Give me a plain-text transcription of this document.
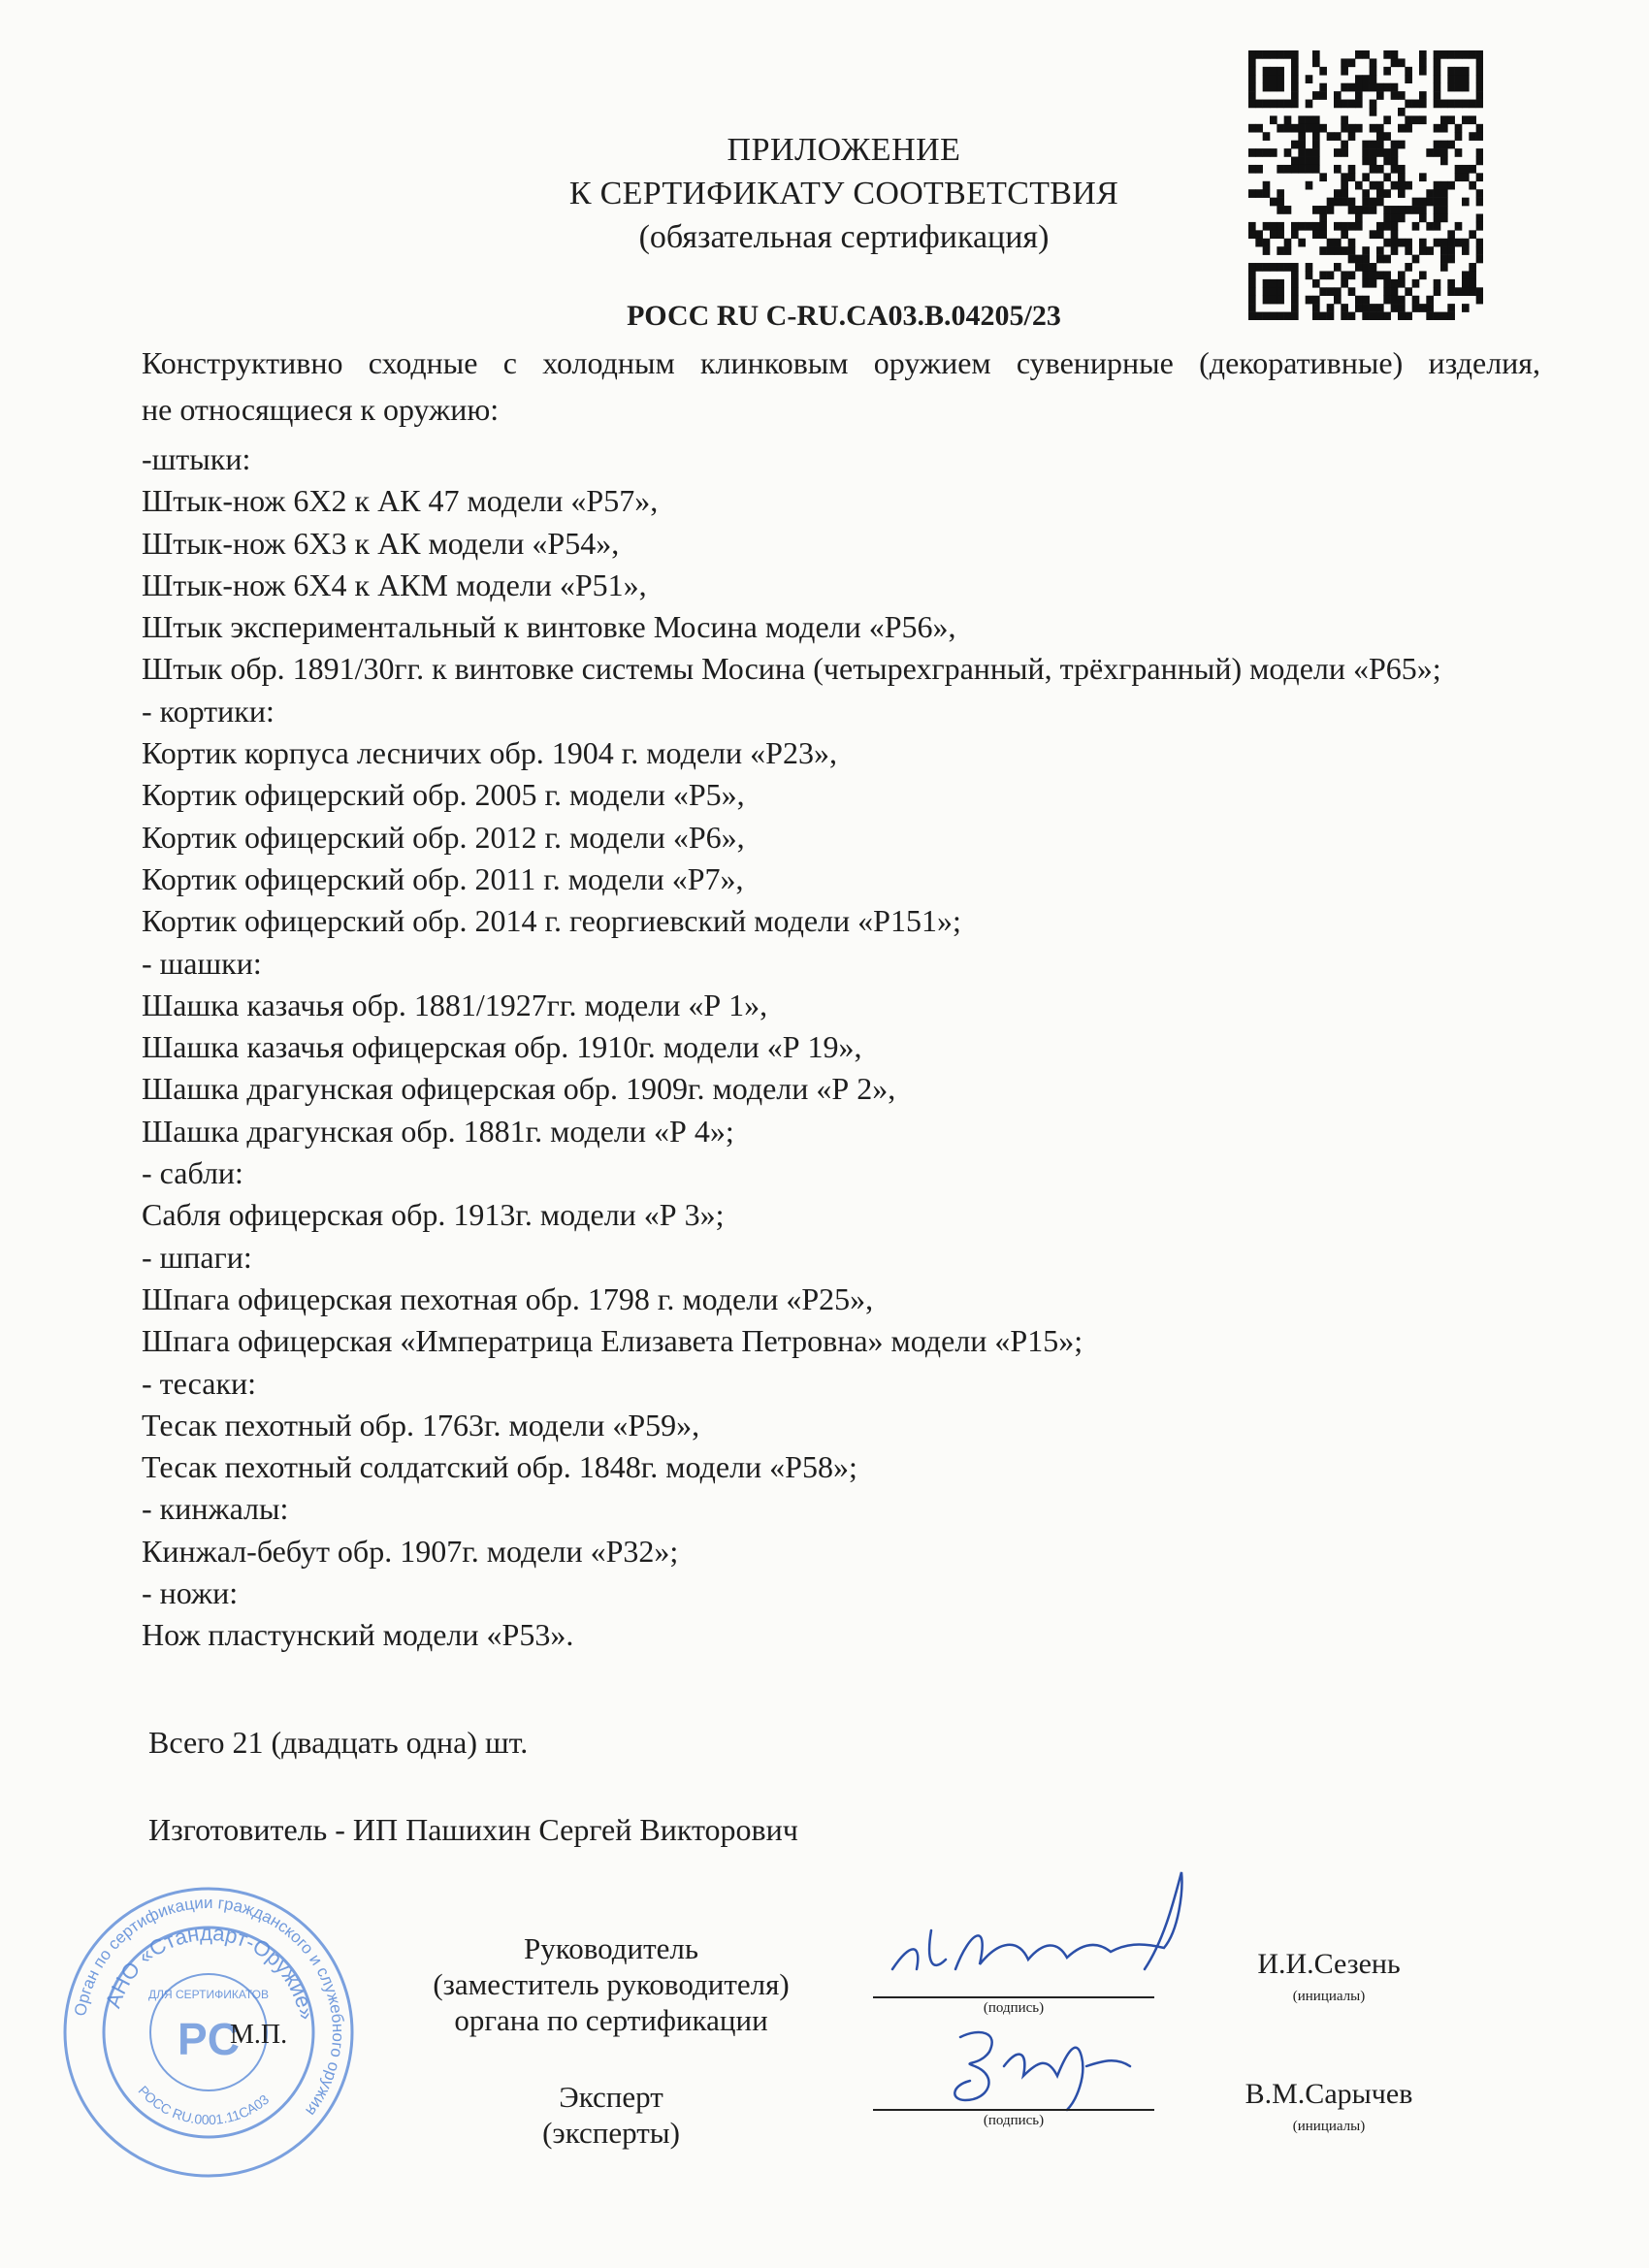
ПРИЛОЖЕНИЕ
К СЕРТИФИКАТУ СООТВЕТСТВИЯ
(обязательная сертификация)
РОСС RU C-RU.CA03.B.04205/23
Конструктивно сходные с холодным клинковым оружием сувенирные (декоративные) изделия,
не относящиеся к оружию:
-штыки:
Штык-нож 6Х2 к АК 47 модели «Р57»,
Штык-нож 6Х3 к АК модели «Р54»,
Штык-нож 6Х4 к АКМ модели «Р51»,
Штык экспериментальный к винтовке Мосина модели «Р56»,
Штык обр. 1891/30гг. к винтовке системы Мосина (четырехгранный, трёхгранный) модели «Р65»;
- кортики:
Кортик корпуса лесничих обр. 1904 г. модели «Р23»,
Кортик офицерский обр. 2005 г. модели «Р5»,
Кортик офицерский обр. 2012 г. модели «Р6»,
Кортик офицерский обр. 2011 г. модели «Р7»,
Кортик офицерский обр. 2014 г. георгиевский модели «Р151»;
- шашки:
Шашка казачья обр. 1881/1927гг. модели «Р 1»,
Шашка казачья офицерская обр. 1910г. модели «Р 19»,
Шашка драгунская офицерская обр. 1909г. модели «Р 2»,
Шашка драгунская обр. 1881г. модели «Р 4»;
- сабли:
Сабля офицерская обр. 1913г. модели «Р 3»;
- шпаги:
Шпага офицерская пехотная обр. 1798 г. модели «Р25»,
Шпага офицерская «Императрица Елизавета Петровна» модели «Р15»;
- тесаки:
Тесак пехотный обр. 1763г. модели «Р59»,
Тесак пехотный солдатский обр. 1848г. модели «Р58»;
- кинжалы:
Кинжал-бебут обр. 1907г. модели «Р32»;
- ножи:
Нож пластунский модели «Р53».
Всего 21 (двадцать одна) шт.
Изготовитель - ИП Пашихин Сергей Викторович
Орган по сертификации гражданского и служебного оружия
АНО «Стандарт-Оружие»
РОСС RU.0001.11СА03
ДЛЯ СЕРТИФИКАТОВ
PC
М.П.
Руководитель
(заместитель руководителя)
органа по сертификации
Эксперт
(эксперты)
(подпись)
(подпись)
И.И.Сезень
(инициалы)
В.М.Сарычев
(инициалы)
